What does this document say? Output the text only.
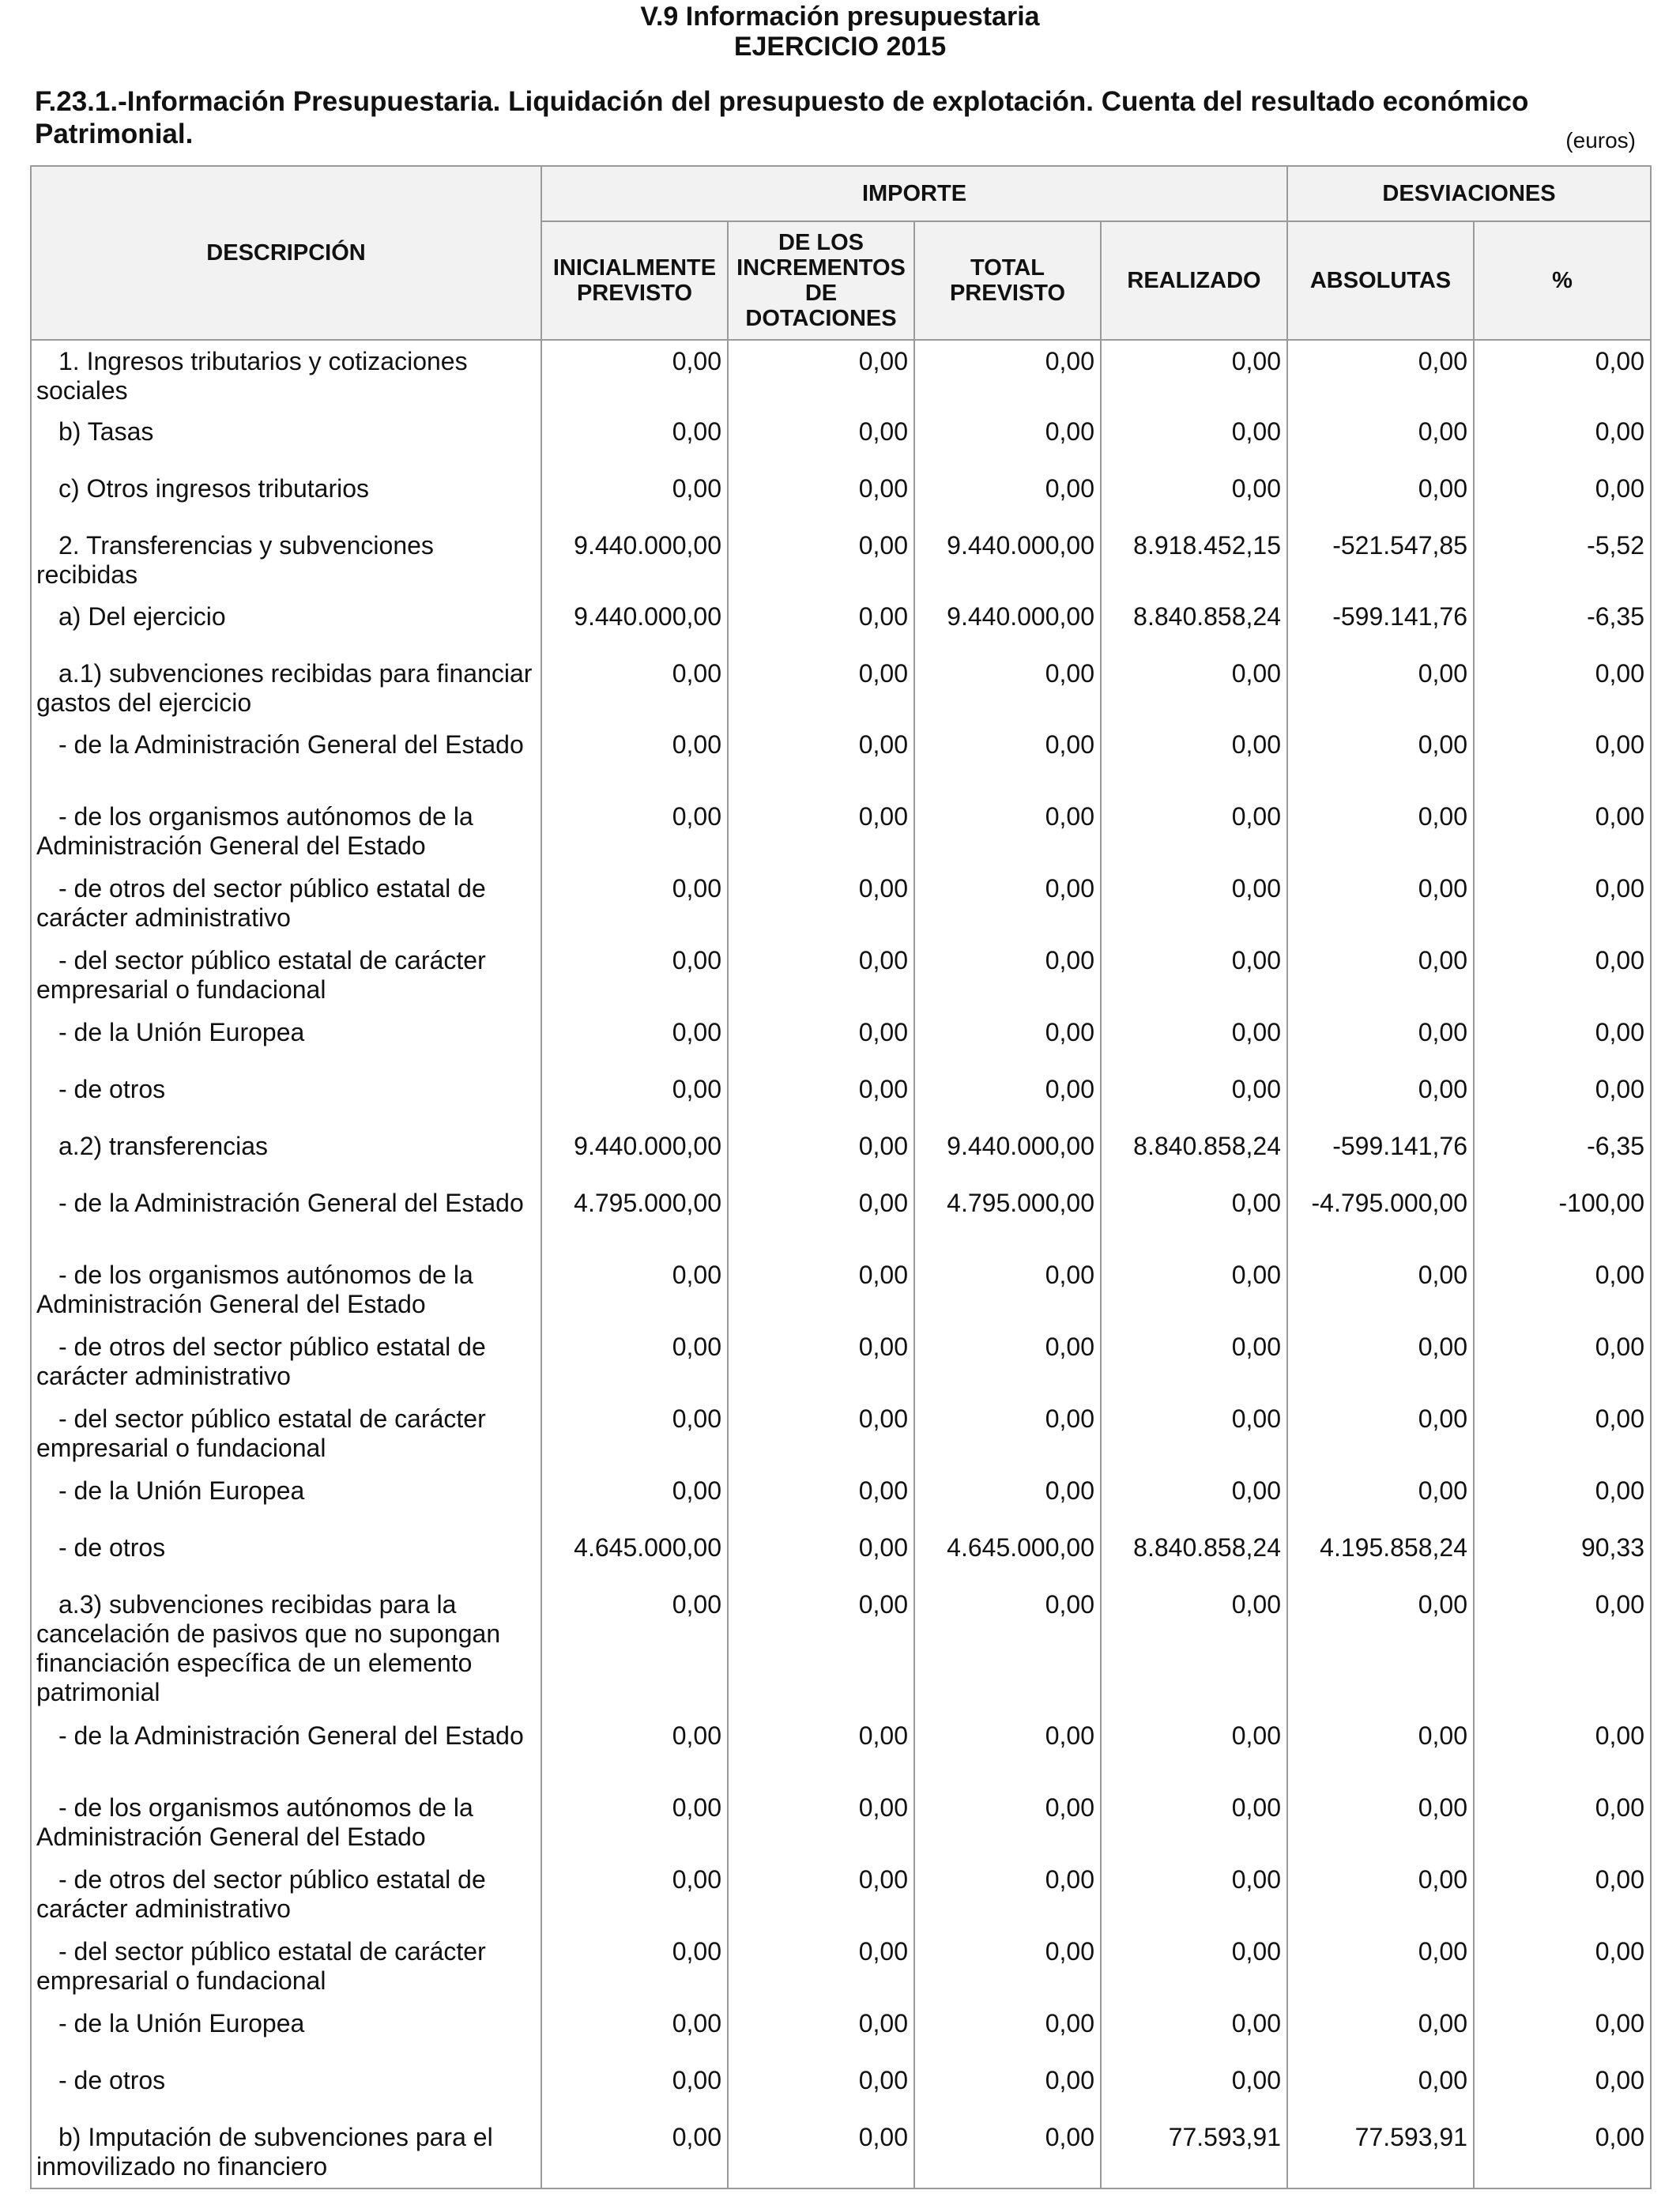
V.9 Información presupuestaria
EJERCICIO 2015
F.23.1.-Información Presupuestaria. Liquidación del presupuesto de explotación. Cuenta del resultado económico Patrimonial.	(euros)
DESCRIPCIÓN	IMPORTE				DESVIACIONES	
	INICIALMENTE PREVISTO	DE LOS INCREMENTOS DE DOTACIONES	TOTAL PREVISTO	REALIZADO	ABSOLUTAS	%
1. Ingresos tributarios y cotizaciones sociales	0,00	0,00	0,00	0,00	0,00	0,00
b) Tasas	0,00	0,00	0,00	0,00	0,00	0,00
c) Otros ingresos tributarios	0,00	0,00	0,00	0,00	0,00	0,00
2. Transferencias y subvenciones recibidas	9.440.000,00	0,00	9.440.000,00	8.918.452,15	-521.547,85	-5,52
a) Del ejercicio	9.440.000,00	0,00	9.440.000,00	8.840.858,24	-599.141,76	-6,35
a.1) subvenciones recibidas para financiar gastos del ejercicio	0,00	0,00	0,00	0,00	0,00	0,00
- de la Administración General del Estado	0,00	0,00	0,00	0,00	0,00	0,00
- de los organismos autónomos de la Administración General del Estado	0,00	0,00	0,00	0,00	0,00	0,00
- de otros del sector público estatal de carácter administrativo	0,00	0,00	0,00	0,00	0,00	0,00
- del sector público estatal de carácter empresarial o fundacional	0,00	0,00	0,00	0,00	0,00	0,00
- de la Unión Europea	0,00	0,00	0,00	0,00	0,00	0,00
- de otros	0,00	0,00	0,00	0,00	0,00	0,00
a.2) transferencias	9.440.000,00	0,00	9.440.000,00	8.840.858,24	-599.141,76	-6,35
- de la Administración General del Estado	4.795.000,00	0,00	4.795.000,00	0,00	-4.795.000,00	-100,00
- de los organismos autónomos de la Administración General del Estado	0,00	0,00	0,00	0,00	0,00	0,00
- de otros del sector público estatal de carácter administrativo	0,00	0,00	0,00	0,00	0,00	0,00
- del sector público estatal de carácter empresarial o fundacional	0,00	0,00	0,00	0,00	0,00	0,00
- de la Unión Europea	0,00	0,00	0,00	0,00	0,00	0,00
- de otros	4.645.000,00	0,00	4.645.000,00	8.840.858,24	4.195.858,24	90,33
a.3) subvenciones recibidas para la cancelación de pasivos que no supongan financiación específica de un elemento patrimonial	0,00	0,00	0,00	0,00	0,00	0,00
- de la Administración General del Estado	0,00	0,00	0,00	0,00	0,00	0,00
- de los organismos autónomos de la Administración General del Estado	0,00	0,00	0,00	0,00	0,00	0,00
- de otros del sector público estatal de carácter administrativo	0,00	0,00	0,00	0,00	0,00	0,00
- del sector público estatal de carácter empresarial o fundacional	0,00	0,00	0,00	0,00	0,00	0,00
- de la Unión Europea	0,00	0,00	0,00	0,00	0,00	0,00
- de otros	0,00	0,00	0,00	0,00	0,00	0,00
b) Imputación de subvenciones para el inmovilizado no financiero	0,00	0,00	0,00	77.593,91	77.593,91	0,00
